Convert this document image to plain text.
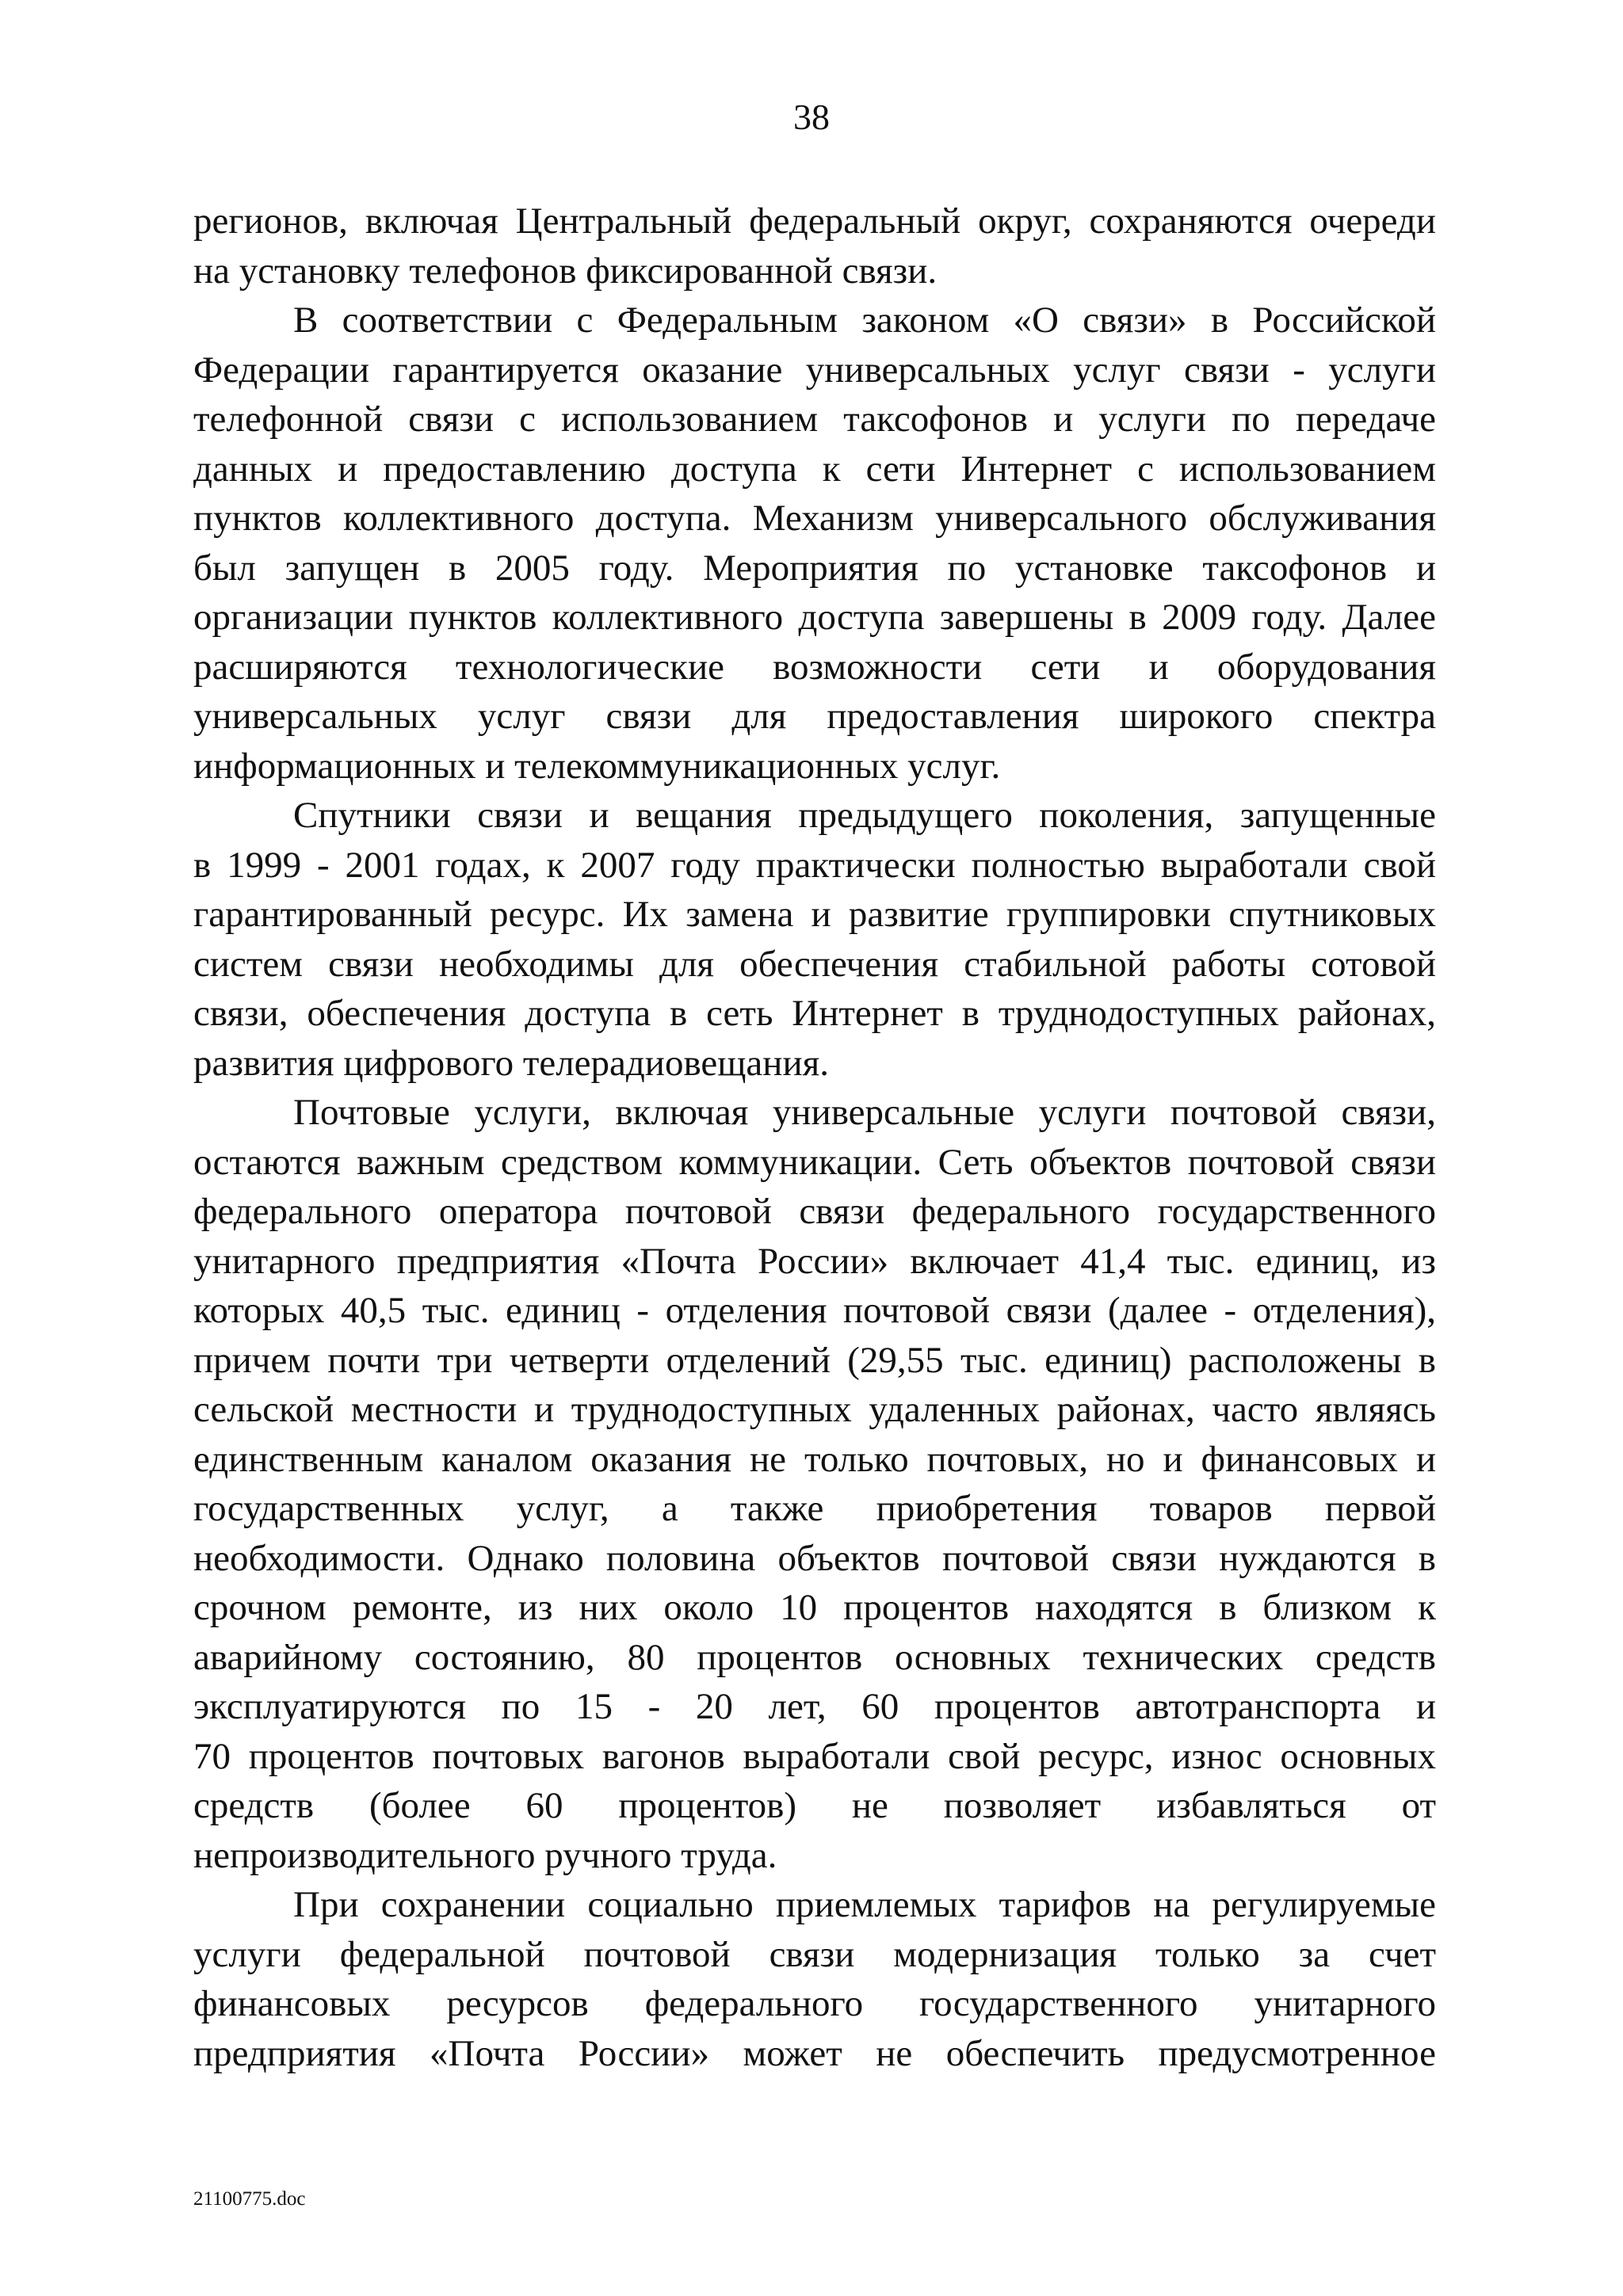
38
регионов, включая Центральный федеральный округ, сохраняются очереди
на установку телефонов фиксированной связи.
В соответствии с Федеральным законом «О связи» в Российской
Федерации гарантируется оказание универсальных услуг связи - услуги
телефонной связи с использованием таксофонов и услуги по передаче
данных и предоставлению доступа к сети Интернет с использованием
пунктов коллективного доступа. Механизм универсального обслуживания
был запущен в 2005 году. Мероприятия по установке таксофонов и
организации пунктов коллективного доступа завершены в 2009 году. Далее
расширяются технологические возможности сети и оборудования
универсальных услуг связи для предоставления широкого спектра
информационных и телекоммуникационных услуг.
Спутники связи и вещания предыдущего поколения, запущенные
в 1999 - 2001 годах, к 2007 году практически полностью выработали свой
гарантированный ресурс. Их замена и развитие группировки спутниковых
систем связи необходимы для обеспечения стабильной работы сотовой
связи, обеспечения доступа в сеть Интернет в труднодоступных районах,
развития цифрового телерадиовещания.
Почтовые услуги, включая универсальные услуги почтовой связи,
остаются важным средством коммуникации. Сеть объектов почтовой связи
федерального оператора почтовой связи федерального государственного
унитарного предприятия «Почта России» включает 41,4 тыс. единиц, из
которых 40,5 тыс. единиц - отделения почтовой связи (далее - отделения),
причем почти три четверти отделений (29,55 тыс. единиц) расположены в
сельской местности и труднодоступных удаленных районах, часто являясь
единственным каналом оказания не только почтовых, но и финансовых и
государственных услуг, а также приобретения товаров первой
необходимости. Однако половина объектов почтовой связи нуждаются в
срочном ремонте, из них около 10 процентов находятся в близком к
аварийному состоянию, 80 процентов основных технических средств
эксплуатируются по 15 - 20 лет, 60 процентов автотранспорта и
70 процентов почтовых вагонов выработали свой ресурс, износ основных
средств (более 60 процентов) не позволяет избавляться от
непроизводительного ручного труда.
При сохранении социально приемлемых тарифов на регулируемые
услуги федеральной почтовой связи модернизация только за счет
финансовых ресурсов федерального государственного унитарного
предприятия «Почта России» может не обеспечить предусмотренное
21100775.doc
